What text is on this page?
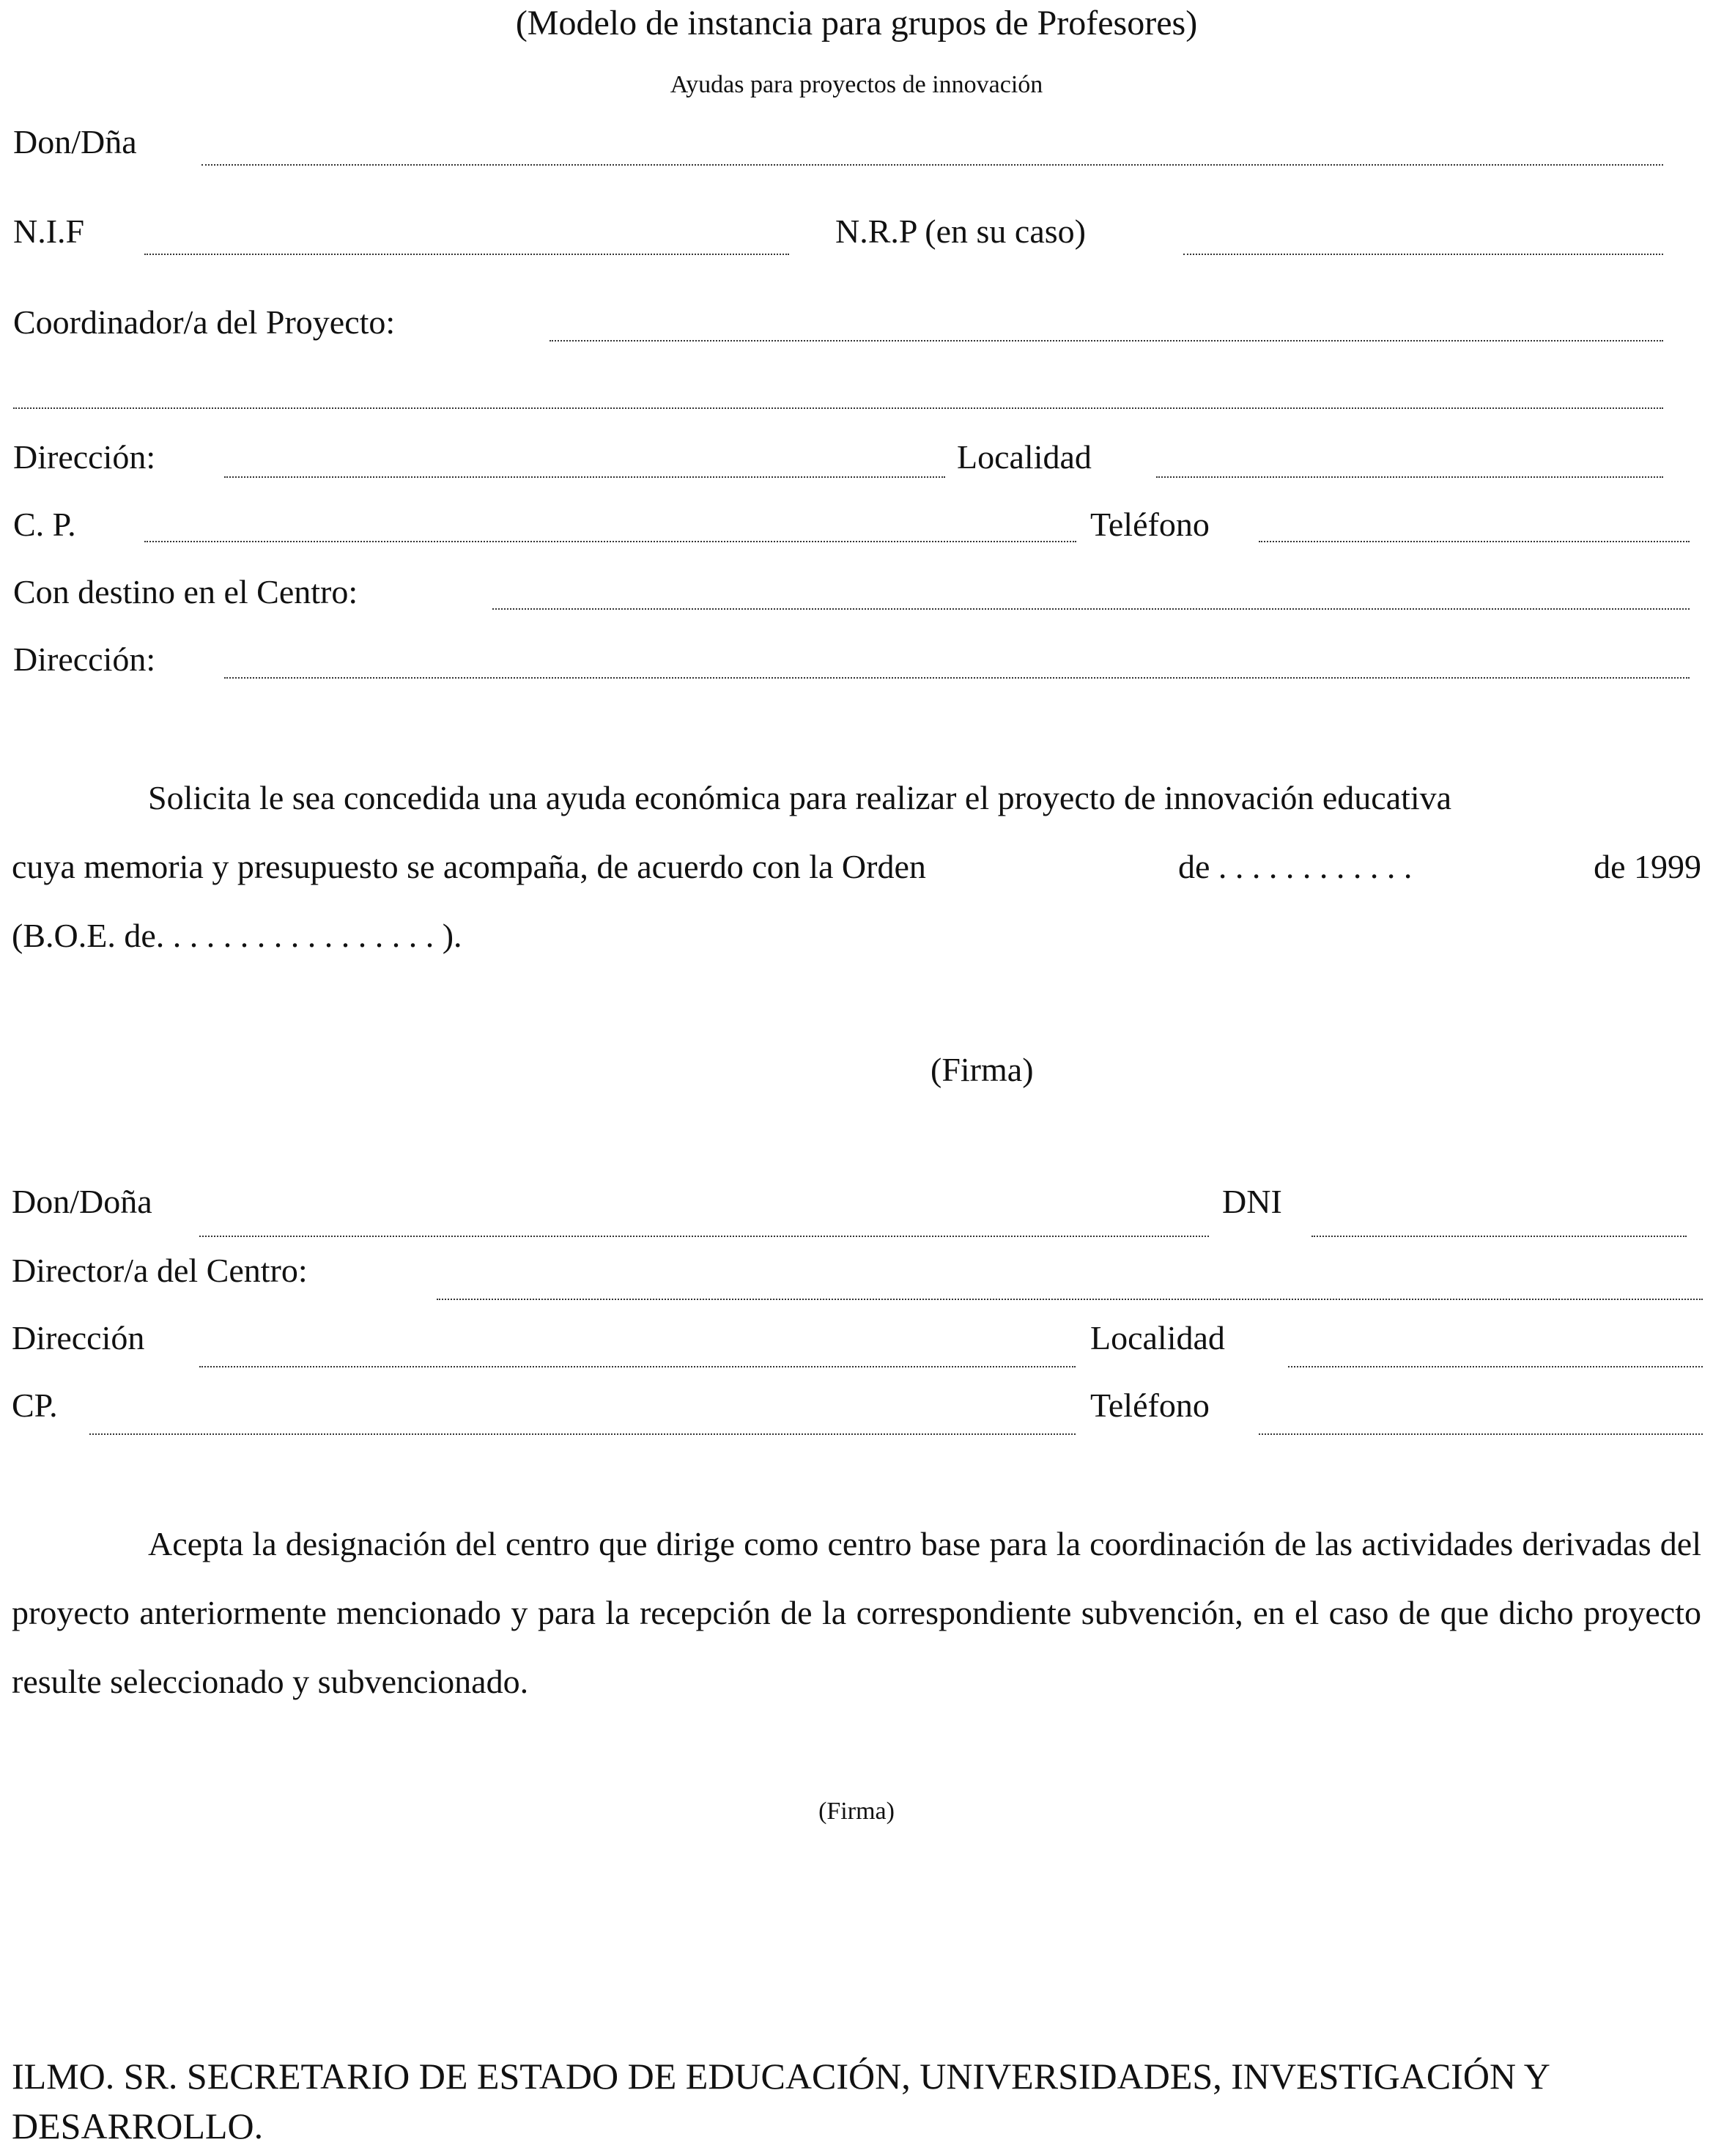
(Modelo de instancia para grupos de Profesores)
Ayudas para proyectos de innovación
Don/Dña
N.I.F	N.R.P (en su caso)
Coordinador/a del Proyecto:
Dirección:	Localidad
C. P.	Teléfono
Con destino en el Centro:
Dirección:

Solicita le sea concedida una ayuda económica para realizar el proyecto de innovación educativa

cuya memoria y presupuesto se acompaña, de acuerdo con la Orden	de . . . . . . . . . . . .	de 1999

(B.O.E. de. . . . . . . . . . . . . . . . . ).

(Firma)
Don/Doña	DNI
Director/a del Centro:
Dirección	Localidad
CP.	Teléfono

Acepta la designación del centro que dirige como centro base para la coordinación de las actividades derivadas del proyecto anteriormente mencionado y para la recepción de la correspondiente subvención, en el caso de que dicho proyecto resulte seleccionado y subvencionado.

(Firma)
ILMO. SR. SECRETARIO DE ESTADO DE EDUCACIÓN, UNIVERSIDADES, INVESTIGACIÓN Y
DESARROLLO.
